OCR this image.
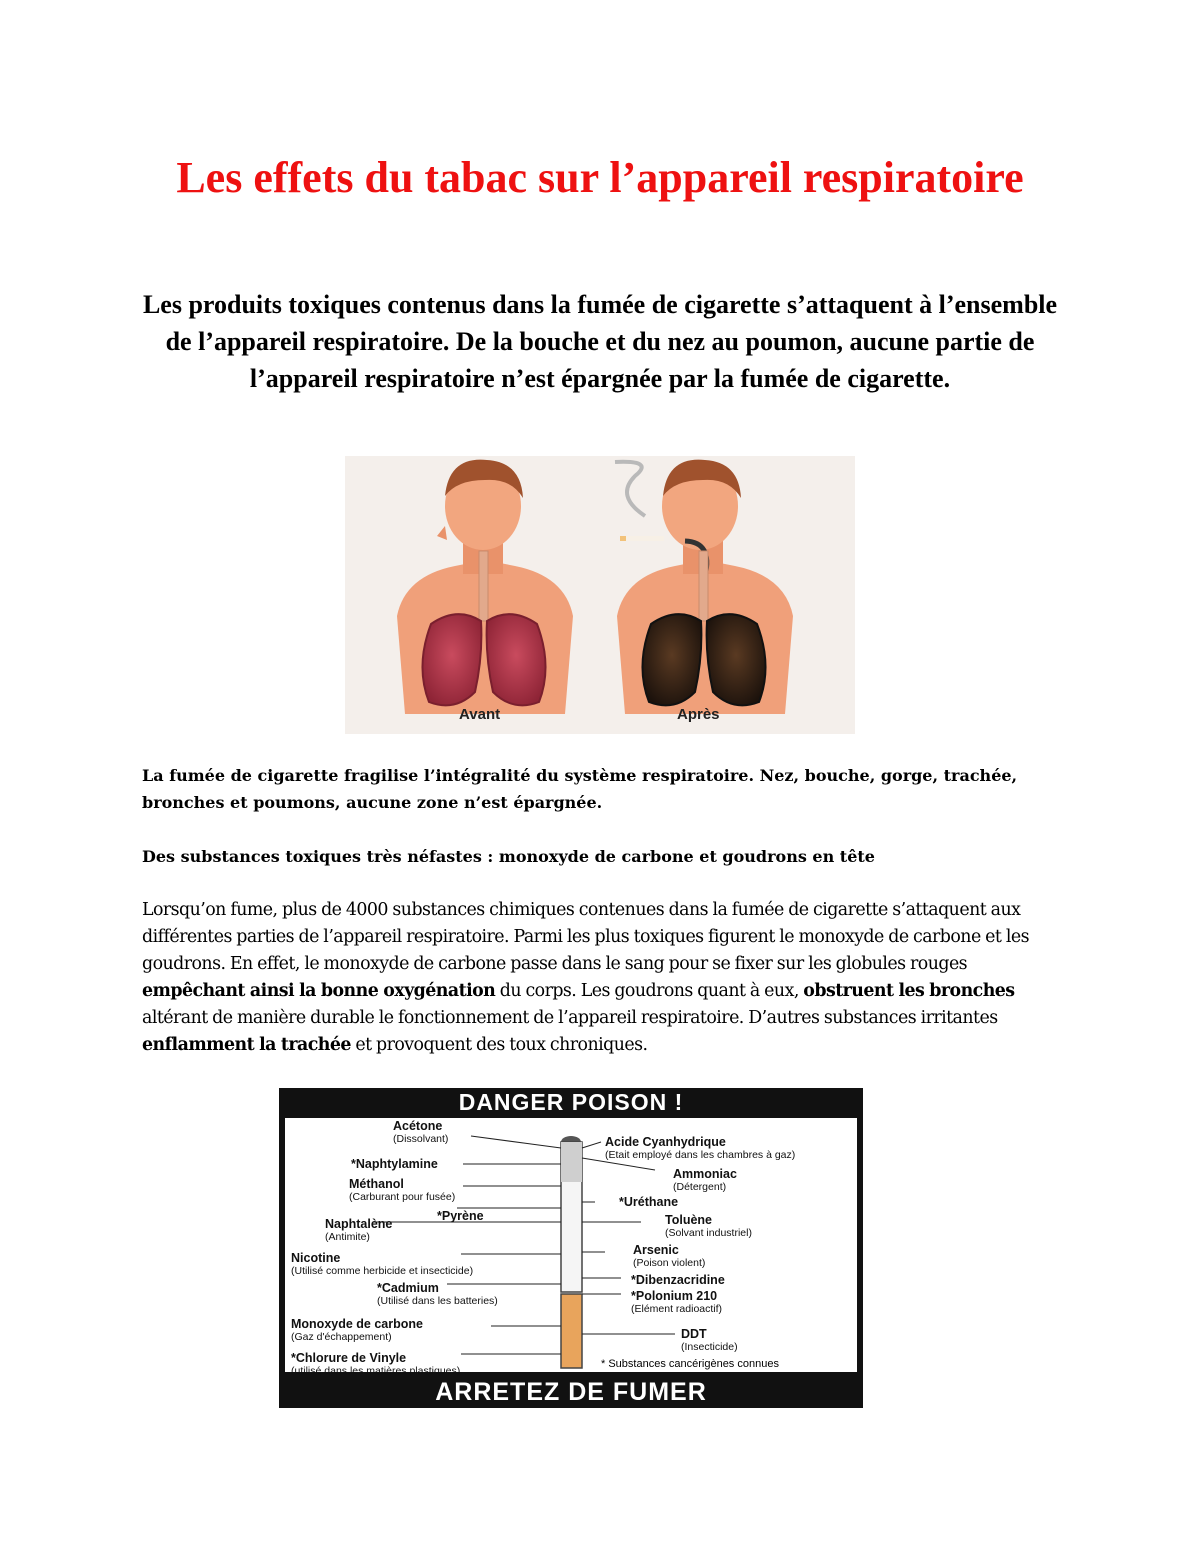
Les effets du tabac sur l’appareil respiratoire

Les produits toxiques contenus dans la fumée de cigarette s’attaquent à l’ensemble de l’appareil respiratoire. De la bouche et du nez au poumon, aucune partie de l’appareil respiratoire n’est épargnée par la fumée de cigarette.

Avant	Après

La fumée de cigarette fragilise l’intégralité du système respiratoire. Nez, bouche, gorge, trachée, bronches et poumons, aucune zone n’est épargnée.

Des substances toxiques très néfastes : monoxyde de carbone et goudrons en tête

Lorsqu’on fume, plus de 4000 substances chimiques contenues dans la fumée de cigarette s’attaquent aux différentes parties de l’appareil respiratoire. Parmi les plus toxiques figurent le monoxyde de carbone et les goudrons. En effet, le monoxyde de carbone passe dans le sang pour se fixer sur les globules rouges empêchant ainsi la bonne oxygénation du corps. Les goudrons quant à eux, obstruent les bronches altérant de manière durable le fonctionnement de l’appareil respiratoire. D’autres substances irritantes enflamment la trachée et provoquent des toux chroniques.

DANGER POISON !
Acétone
(Dissolvant)
*Naphtylamine
Méthanol
(Carburant pour fusée)
*Pyrène
Naphtalène
(Antimite)
Nicotine
(Utilisé comme herbicide et insecticide)
*Cadmium
(Utilisé dans les batteries)
Monoxyde de carbone
(Gaz d'échappement)
*Chlorure de Vinyle
(utilisé dans les matières plastiques)
Acide Cyanhydrique
(Etait employé dans les chambres à gaz)
Ammoniac
(Détergent)
*Uréthane
Toluène
(Solvant industriel)
Arsenic
(Poison violent)
*Dibenzacridine
*Polonium 210
(Elément radioactif)
DDT
(Insecticide)
* Substances cancérigènes connues
ARRETEZ DE FUMER
